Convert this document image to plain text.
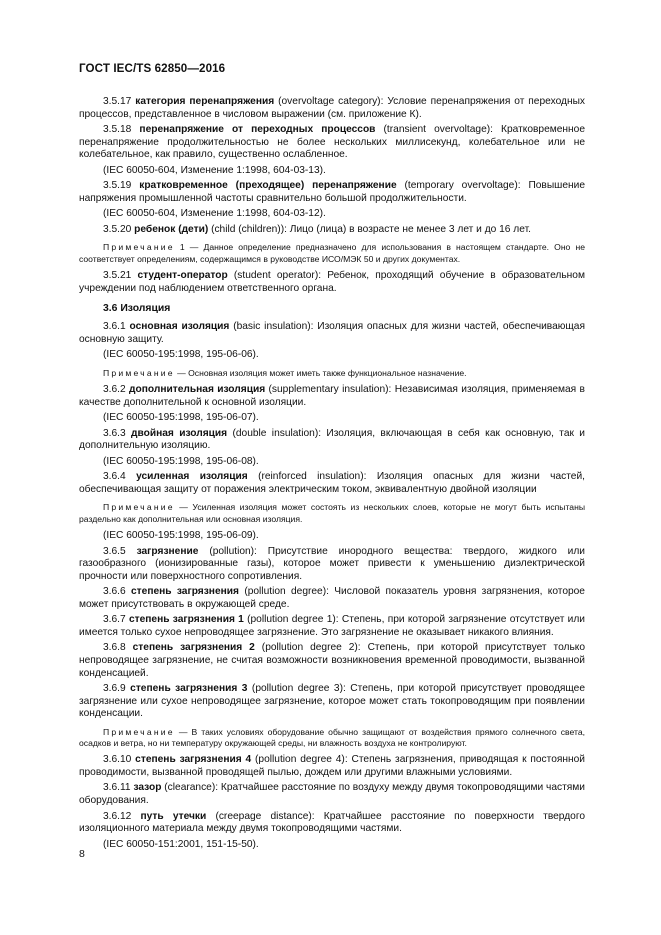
ГОСТ IEC/TS 62850—2016

3.5.17 категория перенапряжения (overvoltage category): Условие перенапряжения от переходных процессов, представленное в числовом выражении (см. приложение К).

3.5.18 перенапряжение от переходных процессов (transient overvoltage): Кратковременное перенапряжение продолжительностью не более нескольких миллисекунд, колебательное или не колебательное, как правило, существенно ослабленное.

(IEC 60050-604, Изменение 1:1998, 604-03-13).

3.5.19 кратковременное (преходящее) перенапряжение (temporary overvoltage): Повышение напряжения промышленной частоты сравнительно большой продолжительности.

(IEC 60050-604, Изменение 1:1998, 604-03-12).

3.5.20 ребенок (дети) (child (children)): Лицо (лица) в возрасте не менее 3 лет и до 16 лет.

Примечание 1 — Данное определение предназначено для использования в настоящем стандарте. Оно не соответствует определениям, содержащимся в руководстве ИСО/МЭК 50 и других документах.

3.5.21 студент-оператор (student operator): Ребенок, проходящий обучение в образовательном учреждении под наблюдением ответственного органа.

3.6 Изоляция

3.6.1 основная изоляция (basic insulation): Изоляция опасных для жизни частей, обеспечивающая основную защиту.

(IEC 60050-195:1998, 195-06-06).

Примечание — Основная изоляция может иметь также функциональное назначение.

3.6.2 дополнительная изоляция (supplementary insulation): Независимая изоляция, применяемая в качестве дополнительной к основной изоляции.

(IEC 60050-195:1998, 195-06-07).

3.6.3 двойная изоляция (double insulation): Изоляция, включающая в себя как основную, так и дополнительную изоляцию.

(IEC 60050-195:1998, 195-06-08).

3.6.4 усиленная изоляция (reinforced insulation): Изоляция опасных для жизни частей, обеспечивающая защиту от поражения электрическим током, эквивалентную двойной изоляции

Примечание — Усиленная изоляция может состоять из нескольких слоев, которые не могут быть испытаны раздельно как дополнительная или основная изоляция.

(IEC 60050-195:1998, 195-06-09).

3.6.5 загрязнение (pollution): Присутствие инородного вещества: твердого, жидкого или газообразного (ионизированные газы), которое может привести к уменьшению диэлектрической прочности или поверхностного сопротивления.

3.6.6 степень загрязнения (pollution degree): Числовой показатель уровня загрязнения, которое может присутствовать в окружающей среде.

3.6.7 степень загрязнения 1 (pollution degree 1): Степень, при которой загрязнение отсутствует или имеется только сухое непроводящее загрязнение. Это загрязнение не оказывает никакого влияния.

3.6.8 степень загрязнения 2 (pollution degree 2): Степень, при которой присутствует только непроводящее загрязнение, не считая возможности возникновения временной проводимости, вызванной конденсацией.

3.6.9 степень загрязнения 3 (pollution degree 3): Степень, при которой присутствует проводящее загрязнение или сухое непроводящее загрязнение, которое может стать токопроводящим при появлении конденсации.

Примечание — В таких условиях оборудование обычно защищают от воздействия прямого солнечного света, осадков и ветра, но ни температуру окружающей среды, ни влажность воздуха не контролируют.

3.6.10 степень загрязнения 4 (pollution degree 4): Степень загрязнения, приводящая к постоянной проводимости, вызванной проводящей пылью, дождем или другими влажными условиями.

3.6.11 зазор (clearance): Кратчайшее расстояние по воздуху между двумя токопроводящими частями оборудования.

3.6.12 путь утечки (creepage distance): Кратчайшее расстояние по поверхности твердого изоляционного материала между двумя токопроводящими частями.

(IEC 60050-151:2001, 151-15-50).

8
